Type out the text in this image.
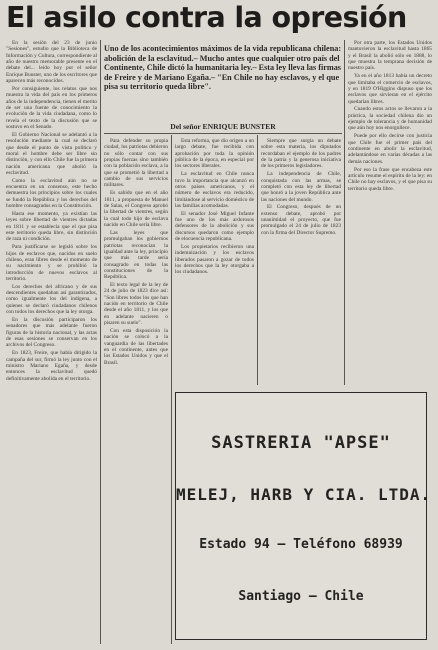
El asilo contra la opresión

Uno de los acontecimientos máximos de la vida republicana chilena: abolición de la esclavitud.– Mucho antes que cualquier otro país del Continente, Chile dictó la humanitaria ley.– Esta ley lleva las firmas de Freire y de Mariano Egaña.– "En Chile no hay esclavos, y el que pisa su territorio queda libre".

Del señor ENRIQUE BUNSTER

En la sesión del 23 de junio "Sesiones", estudio que la Biblioteca de Información y Cultura, correspondiente al año de nuestro memorable presente en el debate del... leído hoy por el señor Enrique Bunster, uno de los escritores que aparecen más reconocidos.

Por consiguiente, los relatos que nos muestra la vida del país en los primeros años de la independencia, tienen el merito de ser una fuente de conocimiento la evolución de la vida ciudadana, como lo revela el texto de la discusión que se sostuvo en el Senado.

El Gobierno Nacional se adelantó a la resolución mediante la cual se declaró que desde el punto de vista político y moral el hombre debe ser libre sin distinción, y con ello Chile fue la primera nación americana que abolió la esclavitud.

Como la esclavitud aún no se encuentra en un consenso, este hecho demuestra los principios sobre los cuales se fundó la República y los derechos del hombre consagrados en la Constitución.

Hasta ese momento, ya existían las leyes sobre libertad de vientres dictadas en 1811 y se establecía que el que pisa este territorio queda libre, sin distinción de raza ni condición.

Para justificarse se legisló sobre los hijos de esclavos que, nacidos en suelo chileno, eran libres desde el momento de su nacimiento y se prohibió la introducción de nuevos esclavos al territorio.

Los derechos del africano y de sus descendientes quedaban así garantizados, como igualmente los del indígena, a quienes se declaró ciudadanos chilenos con todos los derechos que la ley otorga.

En la discusión participaron los senadores que más adelante fueron figuras de la historia nacional, y las actas de esas sesiones se conservan en los archivos del Congreso.

En 1823, Freire, que había dirigido la campaña del sur, firmó la ley junto con el ministro Mariano Egaña, y desde entonces la esclavitud quedó definitivamente abolida en el territorio.

Para defender su propia ciudad, los patriotas debieron no sólo contar con sus propias fuerzas sino también con la población esclava, a la que se prometió la libertad a cambio de sus servicios militares.

Es sabido que en el año 1811, a propuesta de Manuel de Salas, el Congreso aprobó la libertad de vientres, según la cual todo hijo de esclava nacido en Chile sería libre.

Las leyes que promulgaban los gobiernos patriotas reconocían la igualdad ante la ley, principio que más tarde sería consagrado en todas las constituciones de la República.

El texto legal de la ley de 24 de julio de 1823 dice así: "Son libres todos los que han nacido en territorio de Chile desde el año 1811, y los que en adelante nacieren o pisaren su suelo".

Con esta disposición la nación se colocó a la vanguardia de las libertades en el continente, antes que los Estados Unidos y que el Brasil.

Esta reforma, que dio origen a un largo debate, fue recibida con aprobación por toda la opinión pública de la época, en especial por los sectores liberales.

La esclavitud en Chile nunca tuvo la importancia que alcanzó en otros países americanos, y el número de esclavos era reducido, limitándose al servicio doméstico de las familias acomodadas.

El senador José Miguel Infante fue uno de los más ardorosos defensores de la abolición y sus discursos quedaron como ejemplo de elocuencia republicana.

Los propietarios recibieron una indemnización y los esclavos liberados pasaron a gozar de todos los derechos que la ley otorgaba a los ciudadanos.

Siempre que surgía un debate sobre esta materia, los diputados recordaban el ejemplo de los padres de la patria y la generosa iniciativa de los primeros legisladores.

La independencia de Chile, conquistada con las armas, se completó con esta ley de libertad que honró a la joven República ante las naciones del mundo.

El Congreso, después de un extenso debate, aprobó por unanimidad el proyecto, que fue promulgado el 24 de julio de 1823 con la firma del Director Supremo.

Por otra parte, los Estados Unidos mantuvieron la esclavitud hasta 1865 y el Brasil la abolió sólo en 1888, lo que muestra la temprana decisión de nuestro país.

Ya en el año 1813 había un decreto que limitaba el comercio de esclavos, y en 1819 O'Higgins dispuso que los esclavos que sirvieran en el ejército quedarían libres.

Cuando estos actos se llevaron a la práctica, la sociedad chilena dio un ejemplo de tolerancia y de humanidad que aún hoy nos enorgullece.

Puede por ello decirse con justicia que Chile fue el primer país del continente en abolir la esclavitud, adelantándose en varias décadas a las demás naciones.

Por eso la frase que encabeza este artículo resume el espíritu de la ley: en Chile no hay esclavos, y el que pisa su territorio queda libre.

SASTRERIA "APSE"
MELEJ, HARB Y CIA. LTDA.
Estado 94 – Teléfono 68939
Santiago – Chile
